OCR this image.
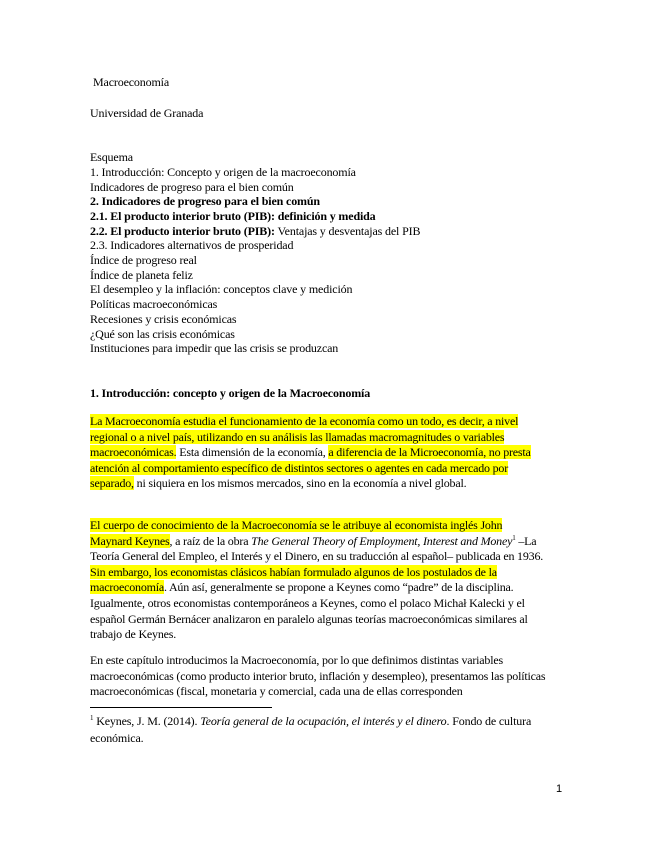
Macroeconomía
Universidad de Granada
Esquema
1. Introducción: Concepto y origen de la macroeconomía
Indicadores de progreso para el bien común
2. Indicadores de progreso para el bien común
2.1. El producto interior bruto (PIB): definición y medida
2.2. El producto interior bruto (PIB): Ventajas y desventajas del PIB
2.3. Indicadores alternativos de prosperidad
Índice de progreso real
Índice de planeta feliz
El desempleo y la inflación: conceptos clave y medición
Políticas macroeconómicas
Recesiones y crisis económicas
¿Qué son las crisis económicas
Instituciones para impedir que las crisis se produzcan
1. Introducción: concepto y origen de la Macroeconomía
La Macroeconomía estudia el funcionamiento de la economía como un todo, es decir, a nivel regional o a nivel país, utilizando en su análisis las llamadas macromagnitudes o variables macroeconómicas. Esta dimensión de la economía, a diferencia de la Microeconomía, no presta atención al comportamiento específico de distintos sectores o agentes en cada mercado por separado, ni siquiera en los mismos mercados, sino en la economía a nivel global.
El cuerpo de conocimiento de la Macroeconomía se le atribuye al economista inglés John Maynard Keynes, a raíz de la obra The General Theory of Employment, Interest and Money$^1$ –La Teoría General del Empleo, el Interés y el Dinero, en su traducción al español– publicada en 1936. Sin embargo, los economistas clásicos habían formulado algunos de los postulados de la macroeconomía. Aún así, generalmente se propone a Keynes como “padre” de la disciplina. Igualmente, otros economistas contemporáneos a Keynes, como el polaco Michał Kalecki y el español Germán Bernácer analizaron en paralelo algunas teorías macroeconómicas similares al trabajo de Keynes.
En este capítulo introducimos la Macroeconomía, por lo que definimos distintas variables macroeconómicas (como producto interior bruto, inflación y desempleo), presentamos las políticas macroeconómicas (fiscal, monetaria y comercial, cada una de ellas corresponden
$^1$ Keynes, J. M. (2014). Teoría general de la ocupación, el interés y el dinero. Fondo de cultura económica.
1
